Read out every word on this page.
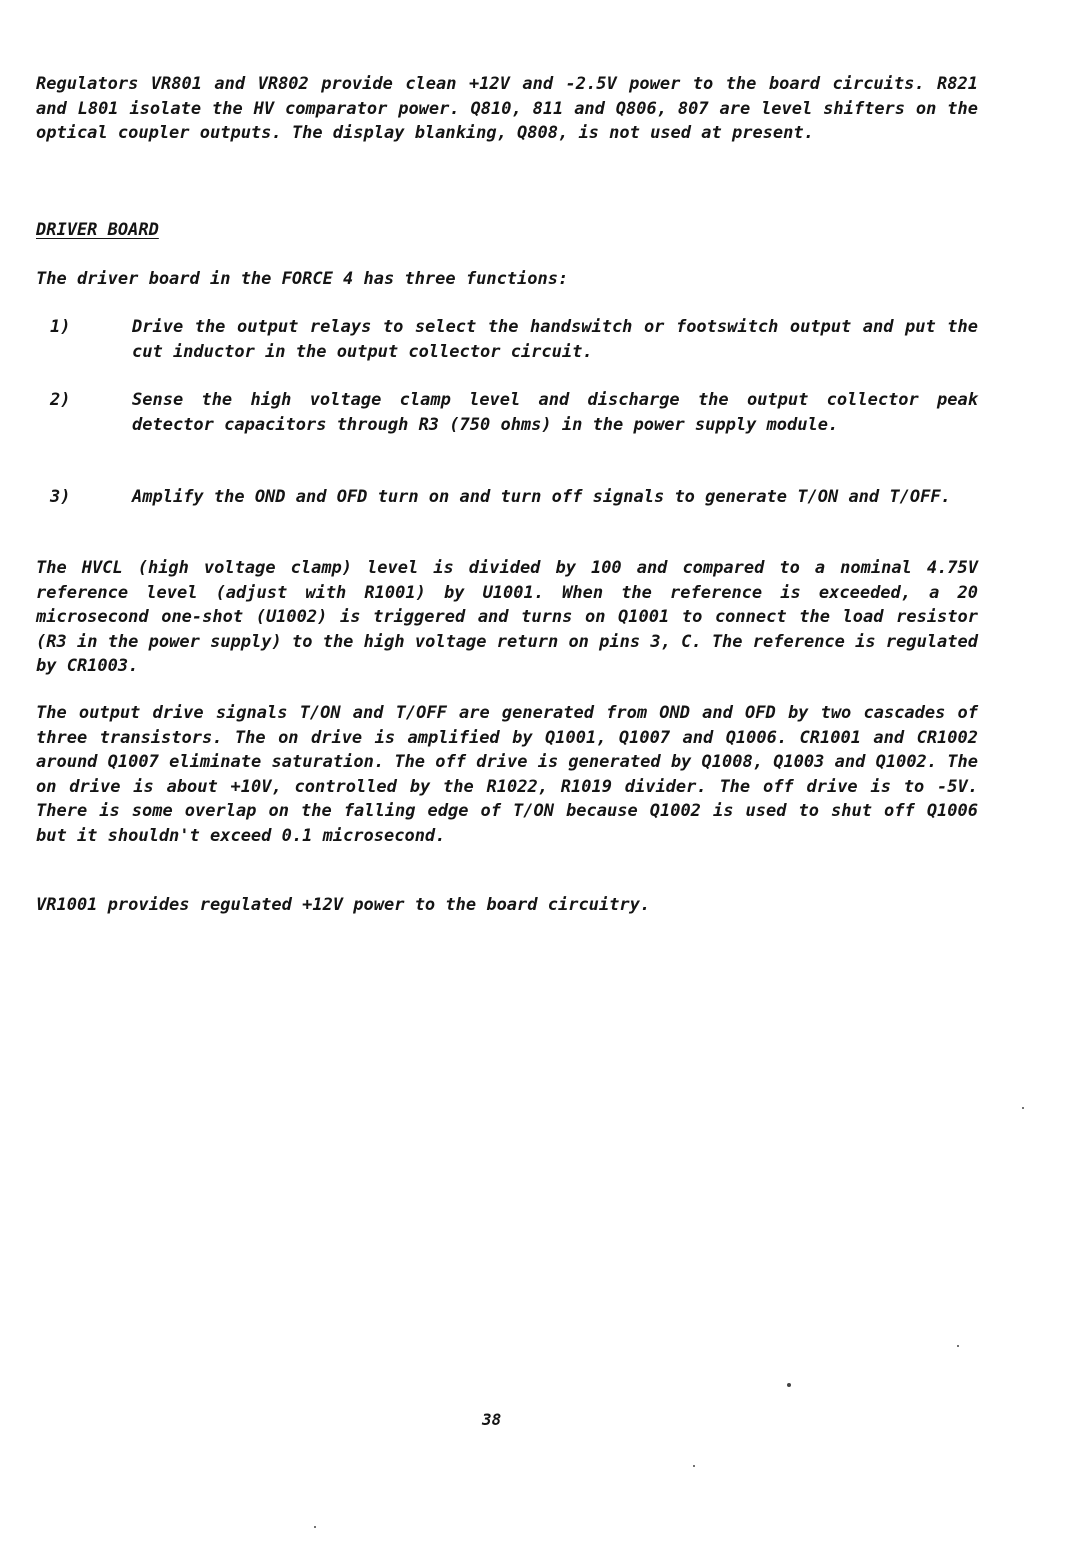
Regulators VR801 and VR802 provide clean +12V and -2.5V power to the board circuits. R821 and L801 isolate the HV comparator power. Q810, 811 and Q806, 807 are level shifters on the optical coupler outputs. The display blanking, Q808, is not used at present.
DRIVER BOARD
The driver board in the FORCE 4 has three functions:
1)	Drive the output relays to select the handswitch or footswitch output and put the cut inductor in the output collector circuit.
2)	Sense the high voltage clamp level and discharge the output collector peak detector capacitors through R3 (750 ohms) in the power supply module.
3)	Amplify the OND and OFD turn on and turn off signals to generate T/ON and T/OFF.
The HVCL (high voltage clamp) level is divided by 100 and compared to a nominal 4.75V reference level (adjust with R1001) by U1001. When the reference is exceeded, a 20 microsecond one-shot (U1002) is triggered and turns on Q1001 to connect the load resistor (R3 in the power supply) to the high voltage return on pins 3, C. The reference is regulated by CR1003.
The output drive signals T/ON and T/OFF are generated from OND and OFD by two cascades of three transistors. The on drive is amplified by Q1001, Q1007 and Q1006. CR1001 and CR1002 around Q1007 eliminate saturation. The off drive is generated by Q1008, Q1003 and Q1002. The on drive is about +10V, controlled by the R1022, R1019 divider. The off drive is to -5V. There is some overlap on the falling edge of T/ON because Q1002 is used to shut off Q1006 but it shouldn't exceed 0.1 microsecond.
VR1001 provides regulated +12V power to the board circuitry.
38
